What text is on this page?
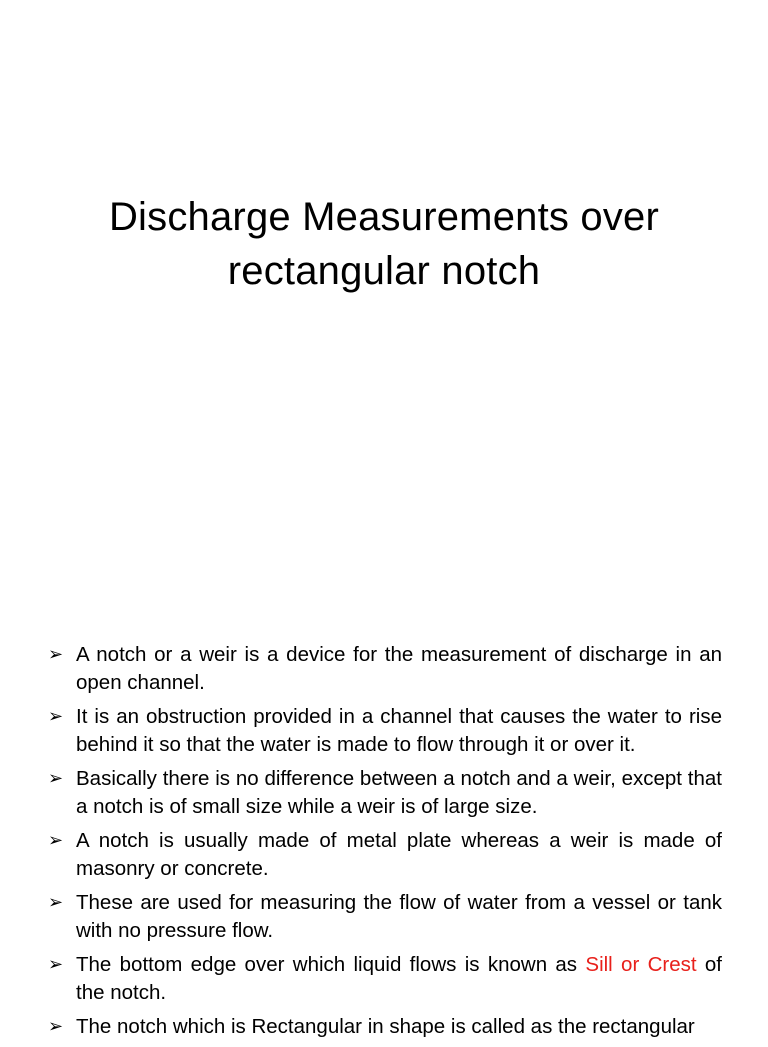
Discharge Measurements over
rectangular notch
➢ A notch or a weir is a device for the measurement of discharge in an open channel.
➢ It is an obstruction provided in a channel that causes the water to rise behind it so that the water is made to flow through it or over it.
➢ Basically there is no difference between a notch and a weir, except that a notch is of small size while a weir is of large size.
➢ A notch is usually made of metal plate whereas a weir is made of masonry or concrete.
➢ These are used for measuring the flow of water from a vessel or tank with no pressure flow.
➢ The bottom edge over which liquid flows is known as Sill or Crest of the notch.
➢ The notch which is Rectangular in shape is called as the rectangular
